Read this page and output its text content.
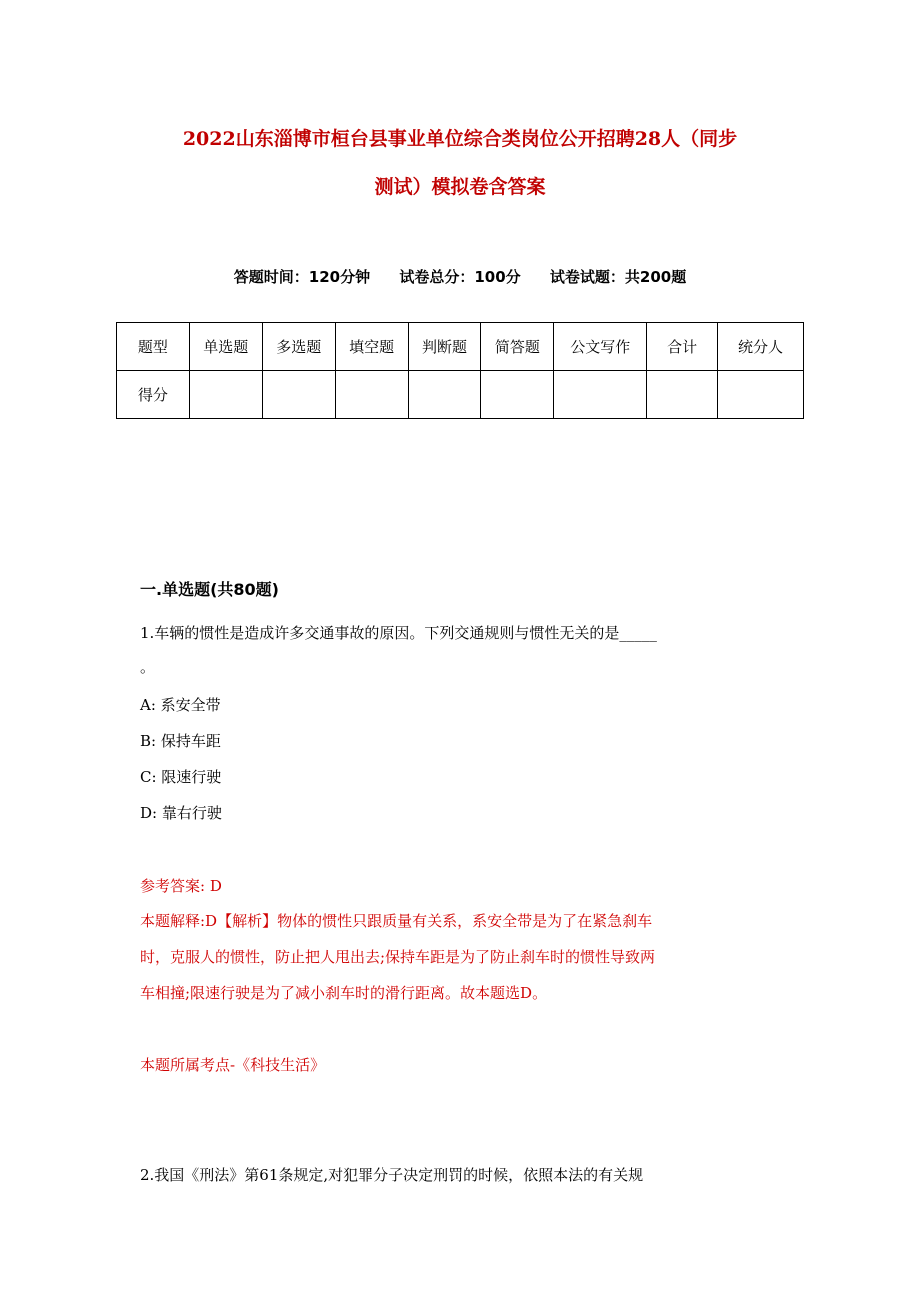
2022山东淄博市桓台县事业单位综合类岗位公开招聘28人（同步
测试）模拟卷含答案
答题时间：120分钟 试卷总分：100分 试卷试题：共200题
题型	单选题	多选题	填空题	判断题	简答题	公文写作	合计	统分人
得分								
一.单选题(共80题)
1.车辆的惯性是造成许多交通事故的原因。下列交通规则与惯性无关的是_____
。
A: 系安全带
B: 保持车距
C: 限速行驶
D: 靠右行驶
参考答案: D
本题解释:D【解析】物体的惯性只跟质量有关系，系安全带是为了在紧急刹车
时，克服人的惯性，防止把人甩出去;保持车距是为了防止刹车时的惯性导致两
车相撞;限速行驶是为了减小刹车时的滑行距离。故本题选D。
本题所属考点-《科技生活》
2.我国《刑法》第61条规定,对犯罪分子决定刑罚的时候，依照本法的有关规
